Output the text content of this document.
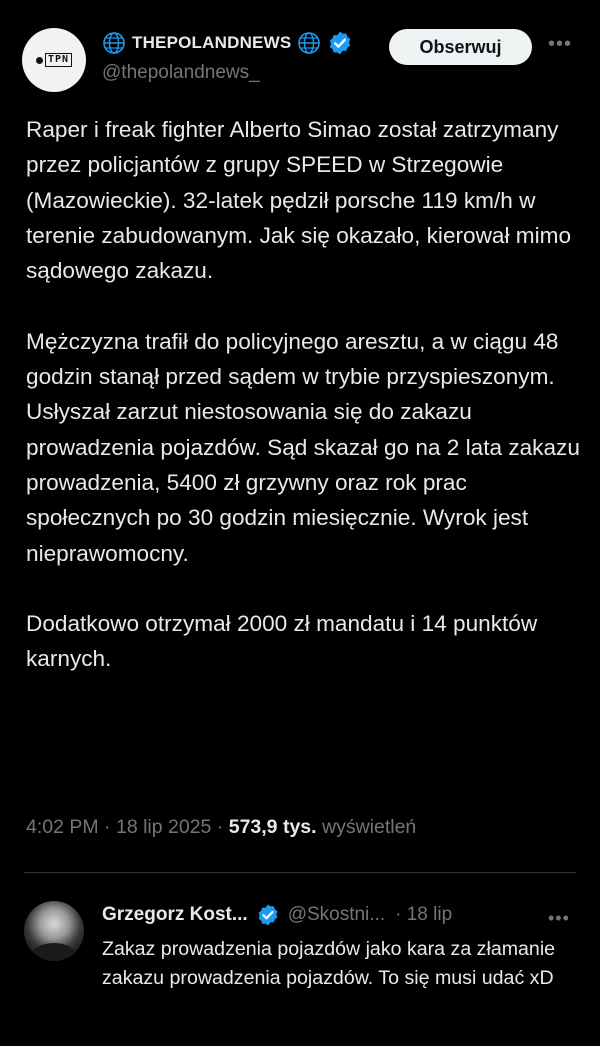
TPN
THEPOLANDNEWS
@thepolandnews_
Obserwuj	•••
Raper i freak fighter Alberto Simao został zatrzymany przez policjantów z grupy SPEED w Strzegowie (Mazowieckie). 32-latek pędził porsche 119 km/h w terenie zabudowanym. Jak się okazało, kierował mimo sądowego zakazu.

Mężczyzna trafił do policyjnego aresztu, a w ciągu 48 godzin stanął przed sądem w trybie przyspieszonym. Usłyszał zarzut niestosowania się do zakazu prowadzenia pojazdów. Sąd skazał go na 2 lata zakazu prowadzenia, 5400 zł grzywny oraz rok prac społecznych po 30 godzin miesięcznie. Wyrok jest nieprawomocny.

Dodatkowo otrzymał 2000 zł mandatu i 14 punktów karnych.
4:02 PM · 18 lip 2025 · 573,9 tys. wyświetleń
Grzegorz Kost... @Skostni... · 18 lip	•••
Zakaz prowadzenia pojazdów jako kara za złamanie zakazu prowadzenia pojazdów. To się musi udać xD
